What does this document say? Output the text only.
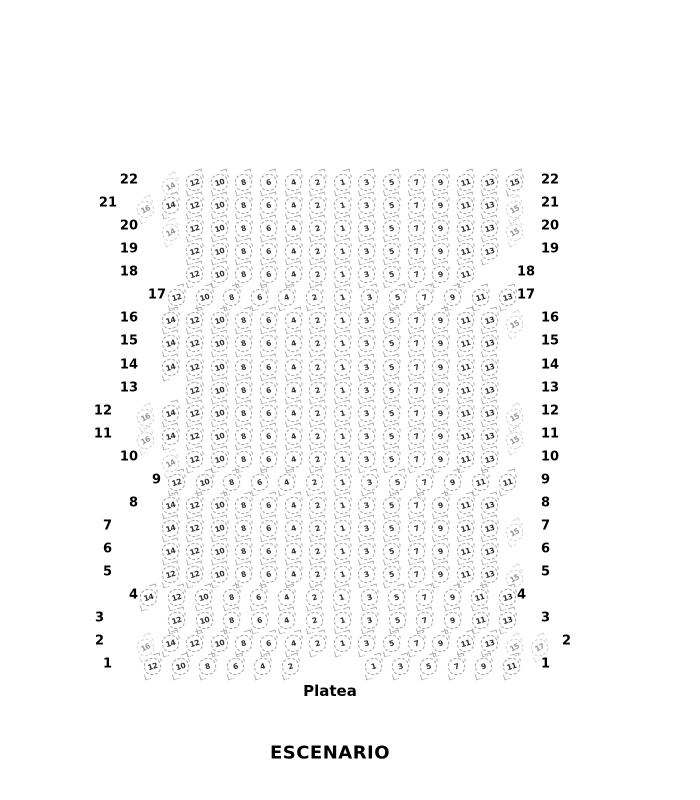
22	22
14	12	10	8	6	4	2	1	3	5	7	9	11	13	15
21	21
16	14	12	10	8	6	4	2	1	3	5	7	9	11	13	15
20	20
14	12	10	8	6	4	2	1	3	5	7	9	11	13	15
19	19
12	10	8	6	4	2	1	3	5	7	9	11	13
18	18
12	10	8	6	4	2	1	3	5	7	9	11
17	17
12	10	8	6	4	2	1	3	5	7	9	11	13
16	16
14	12	10	8	6	4	2	1	3	5	7	9	11	13	15
15	15
14	12	10	8	6	4	2	1	3	5	7	9	11	13
14	14
14	12	10	8	6	4	2	1	3	5	7	9	11	13
13	13
12	10	8	6	4	2	1	3	5	7	9	11	13
12	12
16	14	12	10	8	6	4	2	1	3	5	7	9	11	13	15
11	11
16	14	12	10	8	6	4	2	1	3	5	7	9	11	13	15
10	10
14	12	10	8	6	4	2	1	3	5	7	9	11	13
9	9
12	10	8	6	4	2	1	3	5	7	9	11	11
8	8
14	12	10	8	6	4	2	1	3	5	7	9	11	13
7	7
14	12	10	8	6	4	2	1	3	5	7	9	11	13	15
6	6
14	12	10	8	6	4	2	1	3	5	7	9	11	13
5	5
12	12	10	8	6	4	2	1	3	5	7	9	11	13	15
4	4
14	12	10	8	6	4	2	1	3	5	7	9	11	13
3	3
12	10	8	6	4	2	1	3	5	7	9	11	13
2	2
16	14	12	10	8	6	4	2	1	3	5	7	9	11	13	15	17
1	1
12	10	8	6	4	2	1	3	5	7	9	11
Platea
ESCENARIO
